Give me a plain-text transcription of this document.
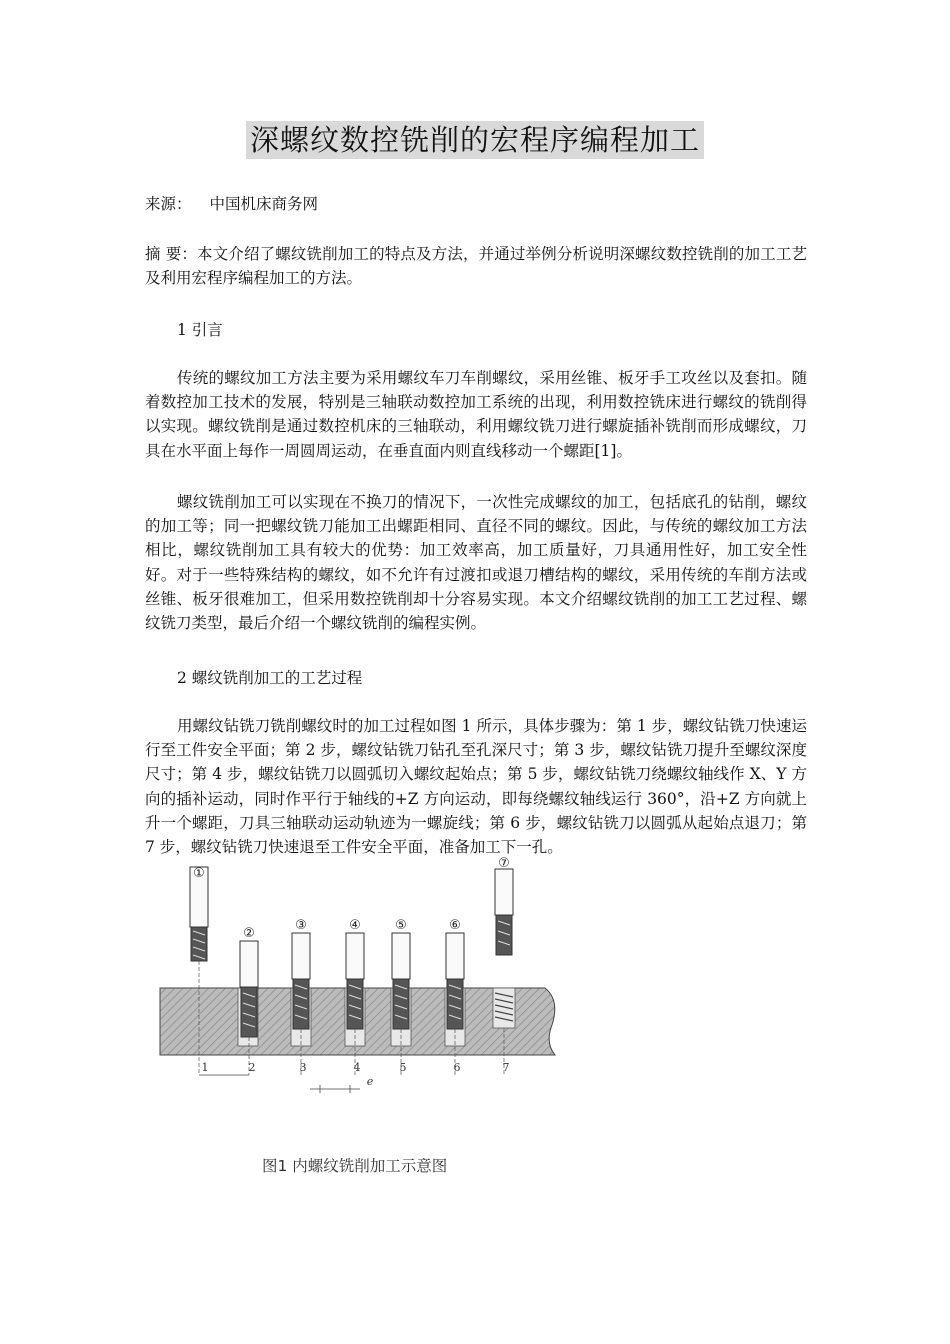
深螺纹数控铣削的宏程序编程加工

来源： 中国机床商务网

摘 要：本文介绍了螺纹铣削加工的特点及方法，并通过举例分析说明深螺纹数控铣削的加工工艺及利用宏程序编程加工的方法。

1 引言

传统的螺纹加工方法主要为采用螺纹车刀车削螺纹，采用丝锥、板牙手工攻丝以及套扣。随着数控加工技术的发展，特别是三轴联动数控加工系统的出现，利用数控铣床进行螺纹的铣削得以实现。螺纹铣削是通过数控机床的三轴联动，利用螺纹铣刀进行螺旋插补铣削而形成螺纹，刀具在水平面上每作一周圆周运动，在垂直面内则直线移动一个螺距[1]。

螺纹铣削加工可以实现在不换刀的情况下，一次性完成螺纹的加工，包括底孔的钻削，螺纹的加工等；同一把螺纹铣刀能加工出螺距相同、直径不同的螺纹。因此，与传统的螺纹加工方法相比，螺纹铣削加工具有较大的优势：加工效率高，加工质量好，刀具通用性好，加工安全性好。对于一些特殊结构的螺纹，如不允许有过渡扣或退刀槽结构的螺纹，采用传统的车削方法或丝锥、板牙很难加工，但采用数控铣削却十分容易实现。本文介绍螺纹铣削的加工工艺过程、螺纹铣刀类型，最后介绍一个螺纹铣削的编程实例。

2 螺纹铣削加工的工艺过程

用螺纹钻铣刀铣削螺纹时的加工过程如图 1 所示，具体步骤为：第 1 步，螺纹钻铣刀快速运行至工件安全平面；第 2 步，螺纹钻铣刀钻孔至孔深尺寸；第 3 步，螺纹钻铣刀提升至螺纹深度尺寸；第 4 步，螺纹钻铣刀以圆弧切入螺纹起始点；第 5 步，螺纹钻铣刀绕螺纹轴线作 X、Y 方向的插补运动，同时作平行于轴线的+Z 方向运动，即每绕螺纹轴线运行 360°，沿+Z 方向就上升一个螺距，刀具三轴联动运动轨迹为一螺旋线；第 6 步，螺纹钻铣刀以圆弧从起始点退刀；第 7 步，螺纹钻铣刀快速退至工件安全平面，准备加工下一孔。

①
②
③	④	⑤	⑥
⑦
1	2	3	4	5	6	7
e
图1 内螺纹铣削加工示意图
